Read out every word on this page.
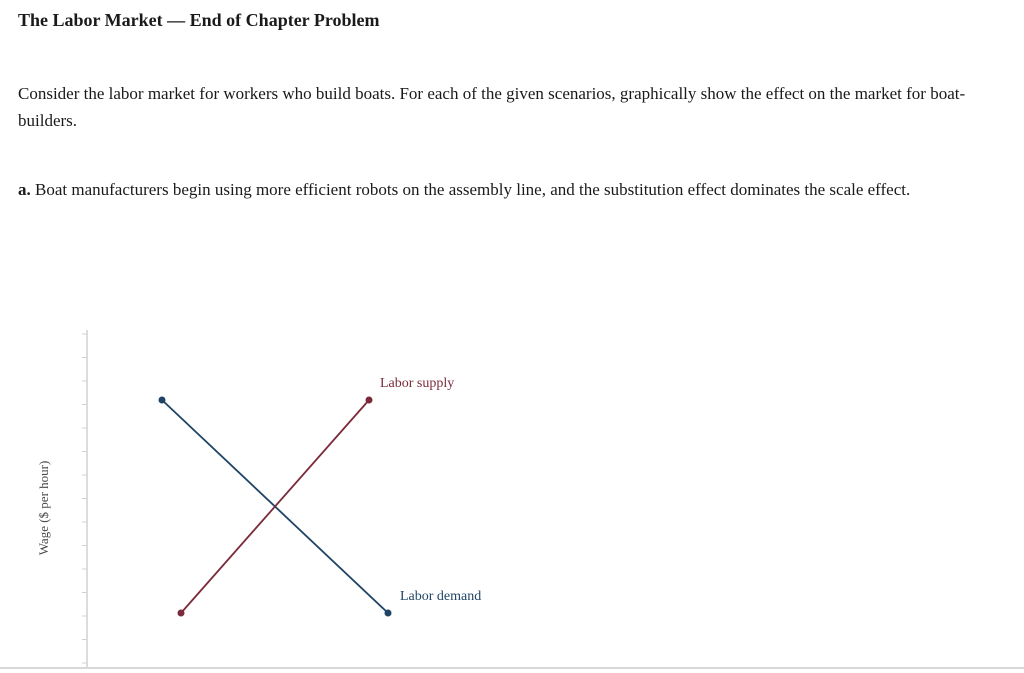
The Labor Market — End of Chapter Problem
Consider the labor market for workers who build boats. For each of the given scenarios, graphically show the effect on the market for boat-builders.
a. Boat manufacturers begin using more efficient robots on the assembly line, and the substitution effect dominates the scale effect.
Wage ($ per hour)
Labor supply
Labor demand
